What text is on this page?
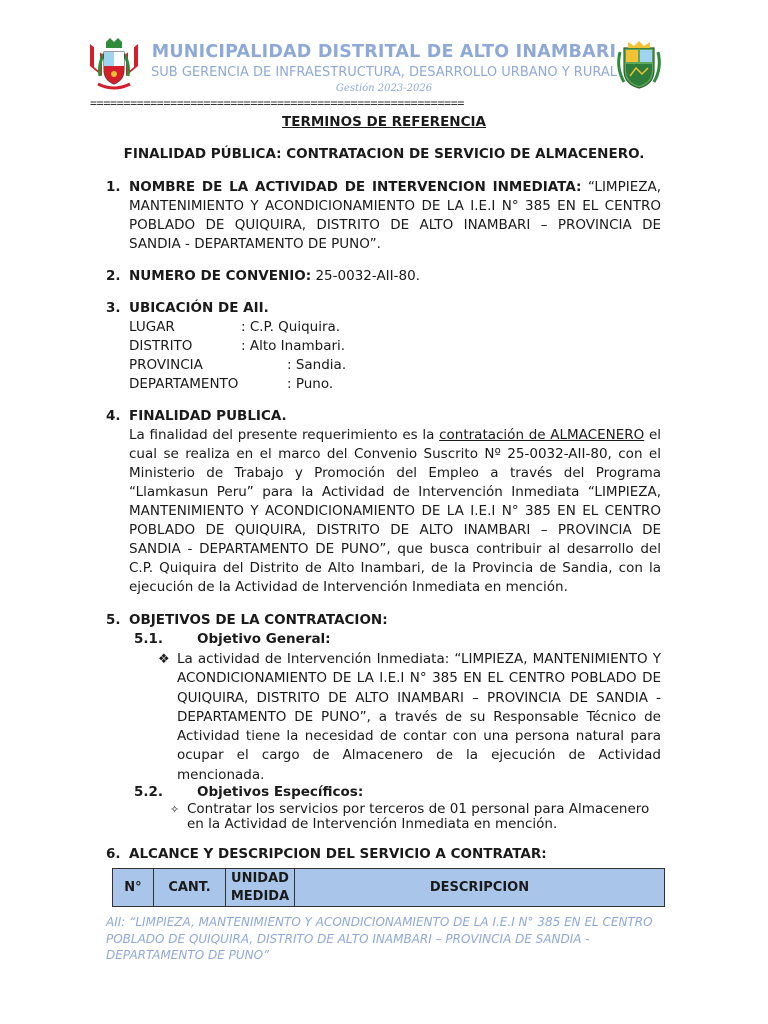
MUNICIPALIDAD DISTRITAL DE ALTO INAMBARI
SUB GERENCIA DE INFRAESTRUCTURA, DESARROLLO URBANO Y RURAL
Gestión 2023-2026
========================================================
TERMINOS DE REFERENCIA
FINALIDAD PÚBLICA: CONTRATACION DE SERVICIO DE ALMACENERO.
1. NOMBRE DE LA ACTIVIDAD DE INTERVENCION INMEDIATA: “LIMPIEZA, MANTENIMIENTO Y ACONDICIONAMIENTO DE LA I.E.I N° 385 EN EL CENTRO POBLADO DE QUIQUIRA, DISTRITO DE ALTO INAMBARI – PROVINCIA DE SANDIA - DEPARTAMENTO DE PUNO”.
2. NUMERO DE CONVENIO: 25-0032-AII-80.
3. UBICACIÓN DE AII.
LUGAR	: C.P. Quiquira.
DISTRITO	: Alto Inambari.
PROVINCIA	: Sandia.
DEPARTAMENTO	: Puno.
4. FINALIDAD PUBLICA.
La finalidad del presente requerimiento es la contratación de ALMACENERO el cual se realiza en el marco del Convenio Suscrito Nº 25-0032-AII-80, con el Ministerio de Trabajo y Promoción del Empleo a través del Programa “Llamkasun Peru” para la Actividad de Intervención Inmediata “LIMPIEZA, MANTENIMIENTO Y ACONDICIONAMIENTO DE LA I.E.I N° 385 EN EL CENTRO POBLADO DE QUIQUIRA, DISTRITO DE ALTO INAMBARI – PROVINCIA DE SANDIA - DEPARTAMENTO DE PUNO”, que busca contribuir al desarrollo del C.P. Quiquira del Distrito de Alto Inambari, de la Provincia de Sandia, con la ejecución de la Actividad de Intervención Inmediata en mención.
5. OBJETIVOS DE LA CONTRATACION:
5.1.	Objetivo General:
❖ La actividad de Intervención Inmediata: “LIMPIEZA, MANTENIMIENTO Y ACONDICIONAMIENTO DE LA I.E.I N° 385 EN EL CENTRO POBLADO DE QUIQUIRA, DISTRITO DE ALTO INAMBARI – PROVINCIA DE SANDIA - DEPARTAMENTO DE PUNO”, a través de su Responsable Técnico de Actividad tiene la necesidad de contar con una persona natural para ocupar el cargo de Almacenero de la ejecución de Actividad mencionada.
5.2.	Objetivos Específicos:
✧ Contratar los servicios por terceros de 01 personal para Almacenero en la Actividad de Intervención Inmediata en mención.
6. ALCANCE Y DESCRIPCION DEL SERVICIO A CONTRATAR:
N°	CANT.	UNIDAD MEDIDA	DESCRIPCION
AII: “LIMPIEZA, MANTENIMIENTO Y ACONDICIONAMIENTO DE LA I.E.I N° 385 EN EL CENTRO POBLADO DE QUIQUIRA, DISTRITO DE ALTO INAMBARI – PROVINCIA DE SANDIA - DEPARTAMENTO DE PUNO”
